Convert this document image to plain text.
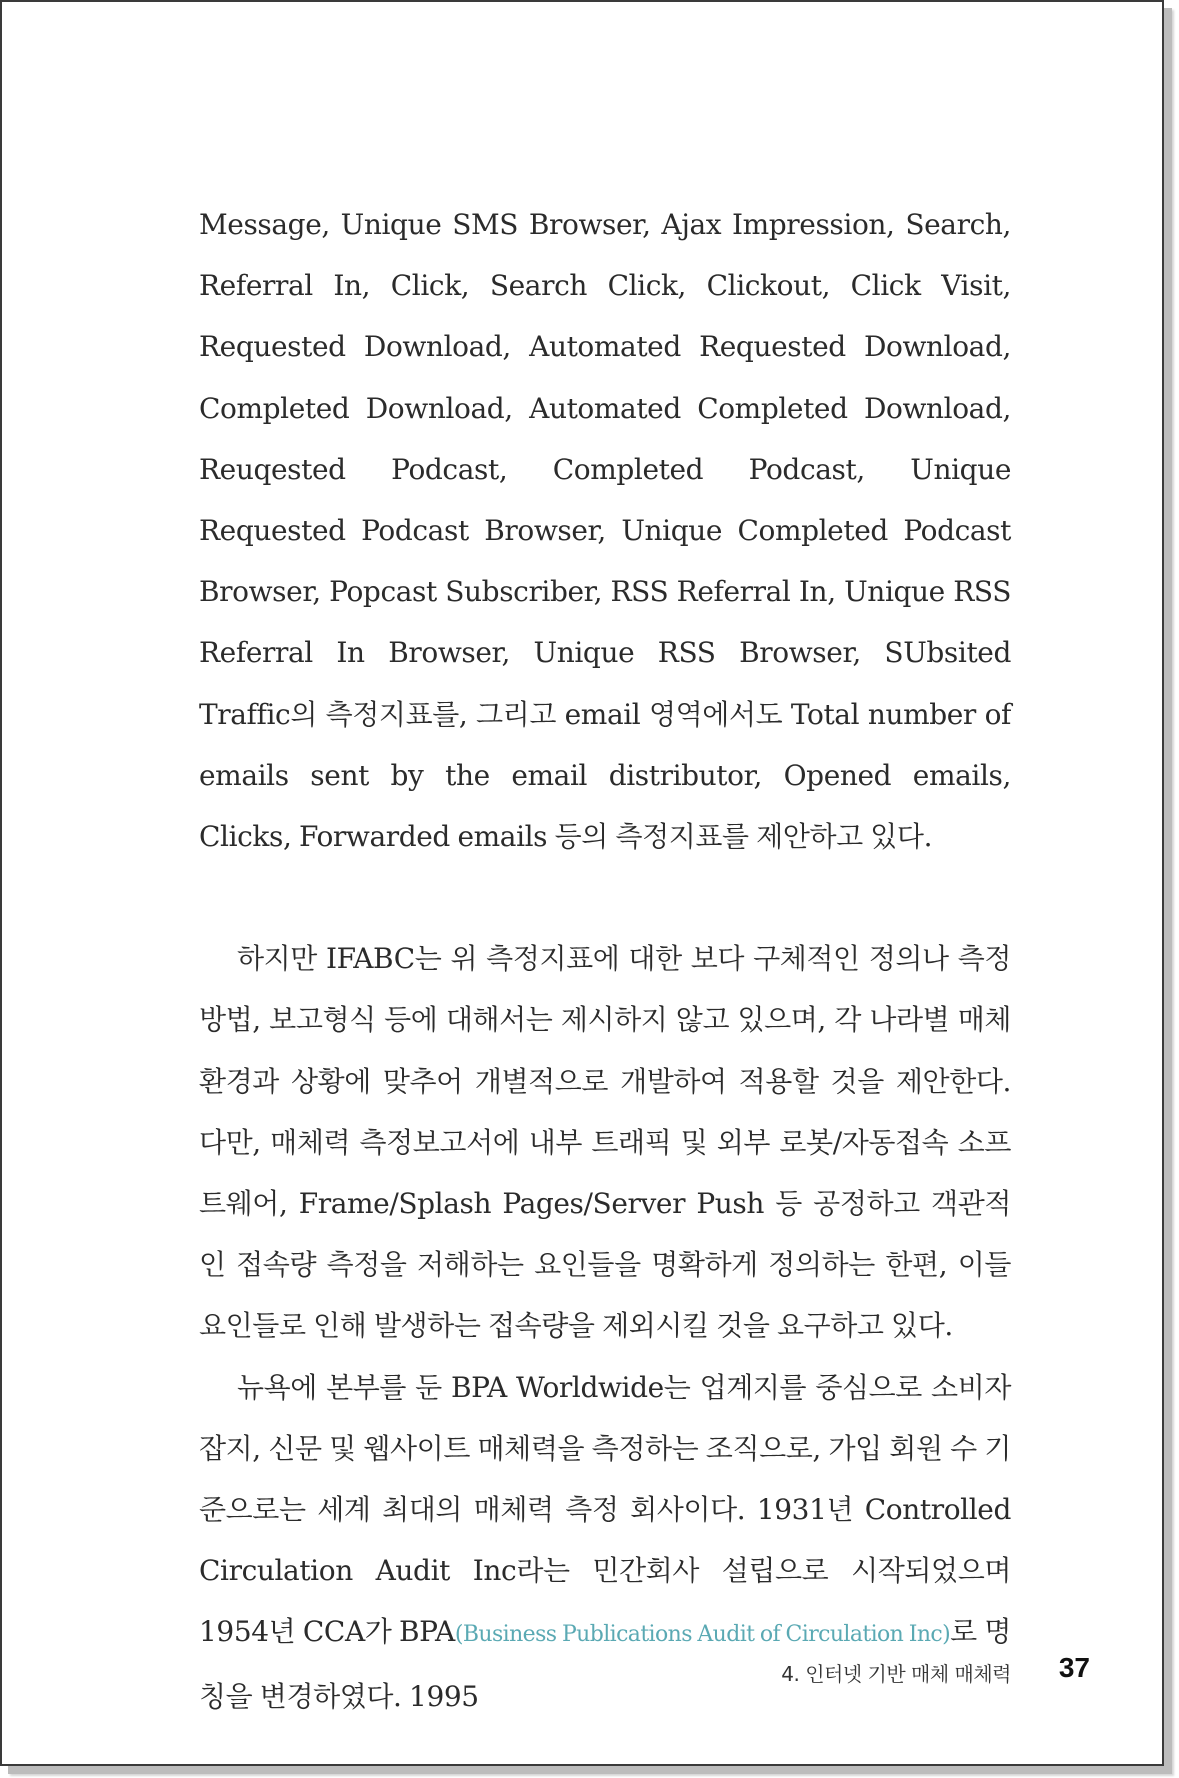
Message, Unique SMS Browser, Ajax Impression, Search, Referral In, Click, Search Click, Clickout, Click Visit, Requested Download, Automated Requested Download, Completed Download, Automated Completed Download, Reuqested Podcast, Completed Podcast, Unique Requested Podcast Browser, Unique Completed Podcast Browser, Popcast Subscriber, RSS Referral In, Unique RSS Referral In Browser, Unique RSS Browser, SUbsited Traffic의 측정지표를, 그리고 email 영역에서도 Total number of emails sent by the email distributor, Opened emails, Clicks, Forwarded emails 등의 측정지표를 제안하고 있다.

하지만 IFABC는 위 측정지표에 대한 보다 구체적인 정의나 측정방법, 보고형식 등에 대해서는 제시하지 않고 있으며, 각 나라별 매체환경과 상황에 맞추어 개별적으로 개발하여 적용할 것을 제안한다. 다만, 매체력 측정보고서에 내부 트래픽 및 외부 로봇/자동접속 소프트웨어, Frame/Splash Pages/Server Push 등 공정하고 객관적인 접속량 측정을 저해하는 요인들을 명확하게 정의하는 한편, 이들 요인들로 인해 발생하는 접속량을 제외시킬 것을 요구하고 있다.

뉴욕에 본부를 둔 BPA Worldwide는 업계지를 중심으로 소비자잡지, 신문 및 웹사이트 매체력을 측정하는 조직으로, 가입 회원 수 기준으로는 세계 최대의 매체력 측정 회사이다. 1931년 Controlled Circulation Audit Inc라는 민간회사 설립으로 시작되었으며 1954년 CCA가 BPA(Business Publications Audit of Circulation Inc)로 명칭을 변경하였다. 1995

4. 인터넷 기반 매체 매체력 37
